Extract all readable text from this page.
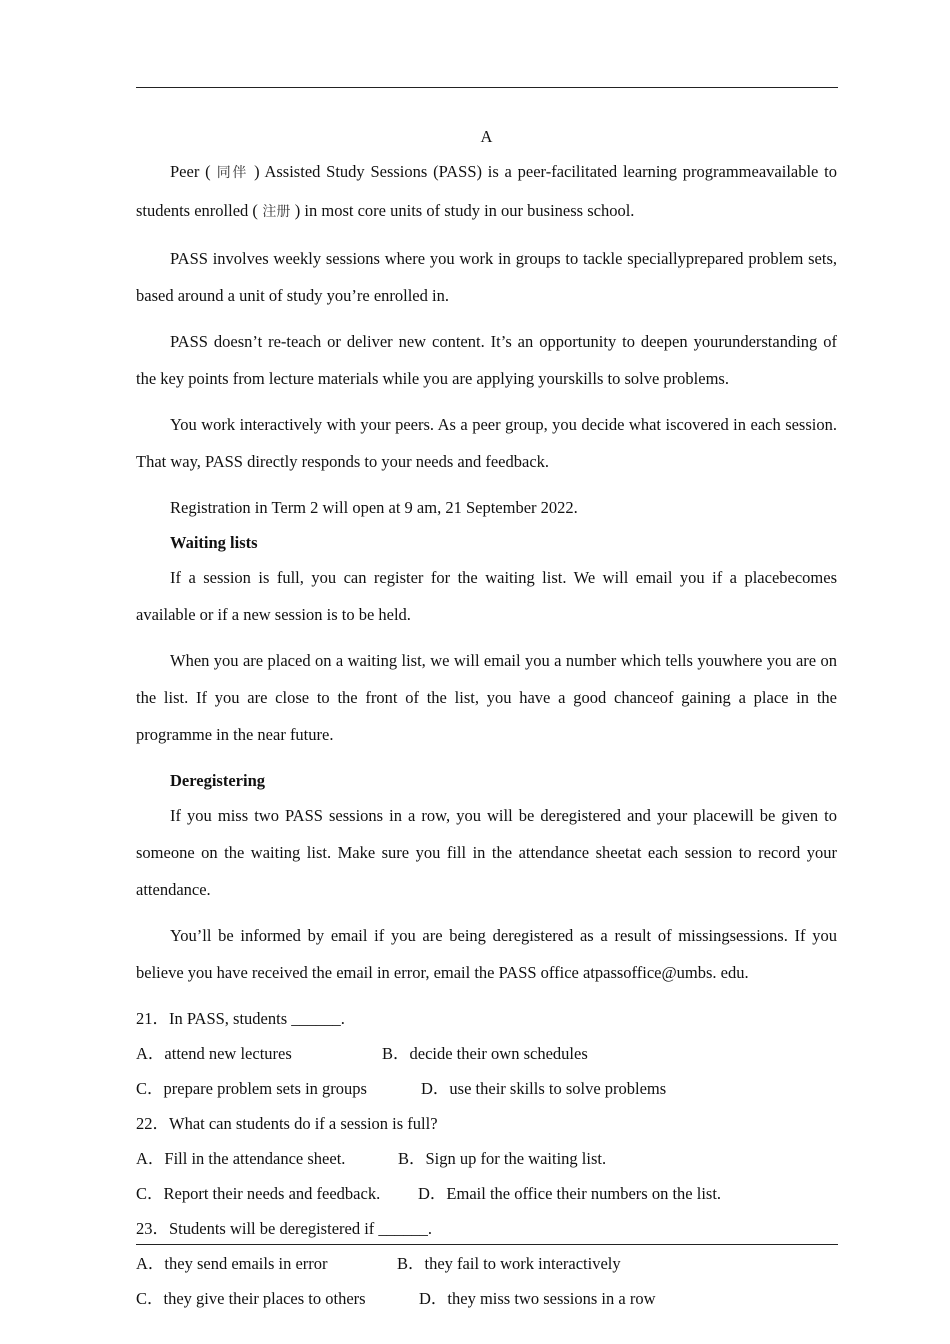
A
Peer ( 同伴 ) Assisted Study Sessions (PASS) is a peer-facilitated learning programmeavailable to students enrolled ( 注册 ) in most core units of study in our business school.
PASS involves weekly sessions where you work in groups to tackle speciallyprepared problem sets, based around a unit of study you’re enrolled in.
PASS doesn’t re-teach or deliver new content. It’s an opportunity to deepen yourunderstanding of the key points from lecture materials while you are applying yourskills to solve problems.
You work interactively with your peers. As a peer group, you decide what iscovered in each session. That way, PASS directly responds to your needs and feedback.
Registration in Term 2 will open at 9 am, 21 September 2022.
Waiting lists
If a session is full, you can register for the waiting list. We will email you if a placebecomes available or if a new session is to be held.
When you are placed on a waiting list, we will email you a number which tells youwhere you are on the list. If you are close to the front of the list, you have a good chanceof gaining a place in the programme in the near future.
Deregistering
If you miss two PASS sessions in a row, you will be deregistered and your placewill be given to someone on the waiting list. Make sure you fill in the attendance sheetat each session to record your attendance.
You’ll be informed by email if you are being deregistered as a result of missingsessions. If you believe you have received the email in error, email the PASS office atpassoffice@umbs. edu.
21．In PASS, students ______.
A．attend new lectures	B．decide their own schedules
C．prepare problem sets in groups	D．use their skills to solve problems
22．What can students do if a session is full?
A．Fill in the attendance sheet.	B．Sign up for the waiting list.
C．Report their needs and feedback. D．Email the office their numbers on the list.
23．Students will be deregistered if ______.
A．they send emails in error	B．they fail to work interactively
C．they give their places to others	D．they miss two sessions in a row
